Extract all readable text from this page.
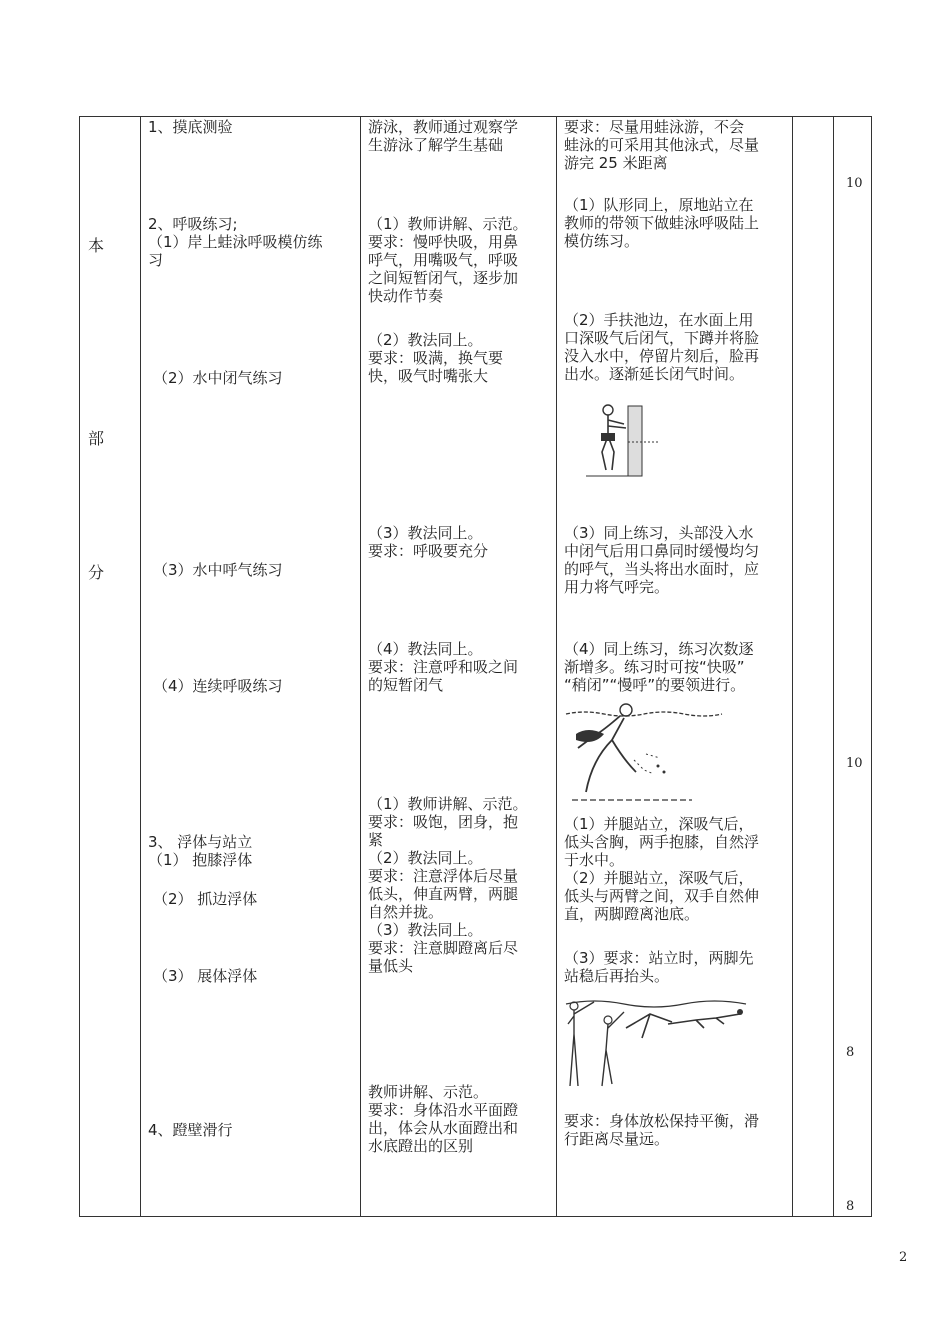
本
部
分
1、摸底测验
2、呼吸练习;
（1）岸上蛙泳呼吸模仿练
习
（2）水中闭气练习
（3）水中呼气练习
（4）连续呼吸练习
3、 浮体与站立
（1） 抱膝浮体
（2） 抓边浮体
（3） 展体浮体
4、蹬壁滑行
游泳，教师通过观察学
生游泳了解学生基础
（1）教师讲解、示范。
要求：慢呼快吸，用鼻
呼气，用嘴吸气，呼吸
之间短暂闭气，逐步加
快动作节奏
（2）教法同上。
要求：吸满，换气要
快，吸气时嘴张大
（3）教法同上。
要求：呼吸要充分
（4）教法同上。
要求：注意呼和吸之间
的短暂闭气
（1）教师讲解、示范。
要求：吸饱，团身，抱
紧
（2）教法同上。
要求：注意浮体后尽量
低头，伸直两臂，两腿
自然并拢。
（3）教法同上。
要求：注意脚蹬离后尽
量低头
教师讲解、示范。
要求：身体沿水平面蹬
出，体会从水面蹬出和
水底蹬出的区别
要求：尽量用蛙泳游，不会
蛙泳的可采用其他泳式，尽量
游完 25 米距离
（1）队形同上，原地站立在
教师的带领下做蛙泳呼吸陆上
模仿练习。
（2）手扶池边，在水面上用
口深吸气后闭气，下蹲并将脸
没入水中，停留片刻后，脸再
出水。逐渐延长闭气时间。
（3）同上练习，头部没入水
中闭气后用口鼻同时缓慢均匀
的呼气，当头将出水面时，应
用力将气呼完。
（4）同上练习，练习次数逐
渐增多。练习时可按“快吸”
“稍闭”“慢呼”的要领进行。
（1）并腿站立，深吸气后，
低头含胸，两手抱膝，自然浮
于水中。
（2）并腿站立，深吸气后，
低头与两臂之间，双手自然伸
直，两脚蹬离池底。
（3）要求：站立时，两脚先
站稳后再抬头。
要求：身体放松保持平衡，滑
行距离尽量远。
10
10
8
8
2
